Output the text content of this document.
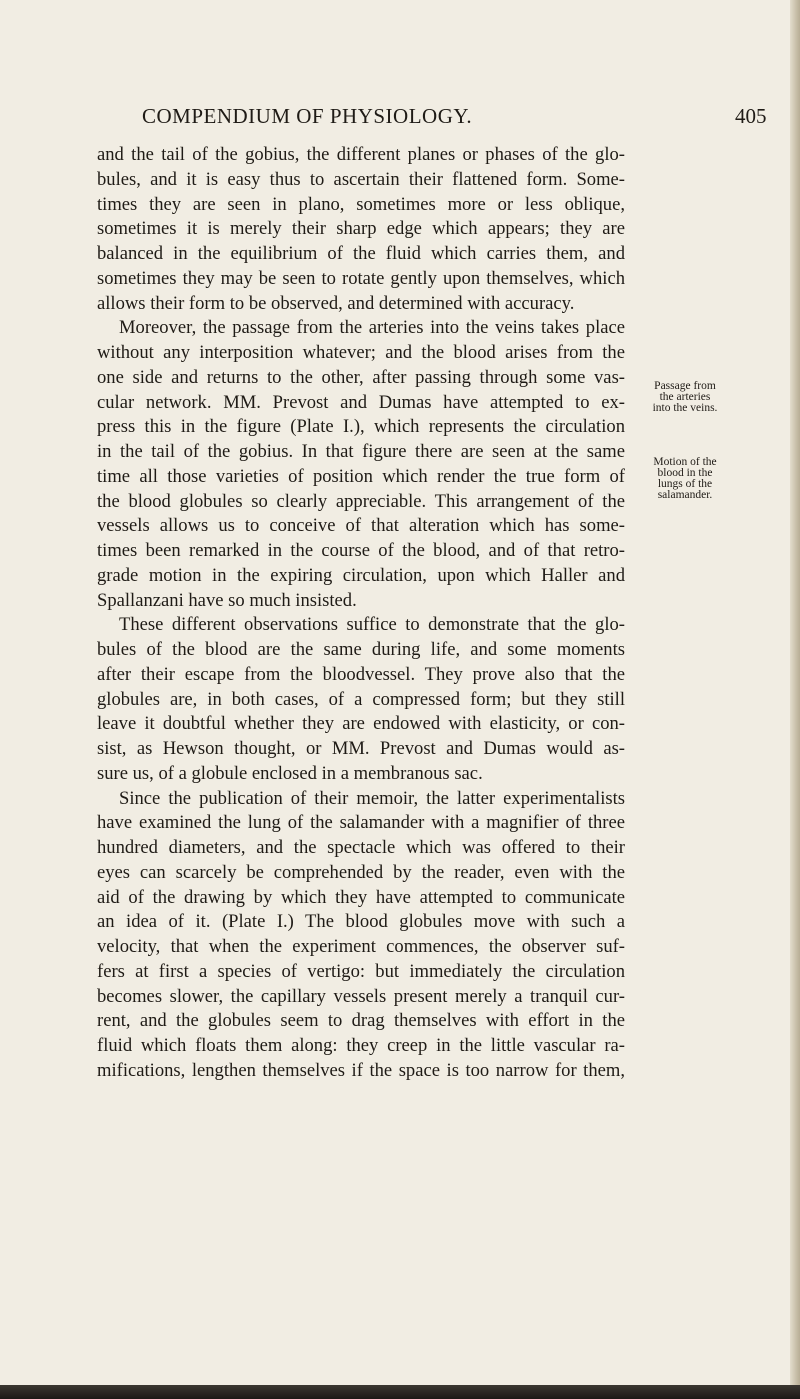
COMPENDIUM OF PHYSIOLOGY.	405
and the tail of the gobius, the different planes or phases of the glo-
bules, and it is easy thus to ascertain their flattened form. Some-
times they are seen in plano, sometimes more or less oblique,
sometimes it is merely their sharp edge which appears; they are
balanced in the equilibrium of the fluid which carries them, and
sometimes they may be seen to rotate gently upon themselves, which
allows their form to be observed, and determined with accuracy.
Moreover, the passage from the arteries into the veins takes place
without any interposition whatever; and the blood arises from the
one side and returns to the other, after passing through some vas-
cular network. MM. Prevost and Dumas have attempted to ex-
press this in the figure (Plate I.), which represents the circulation
in the tail of the gobius. In that figure there are seen at the same
time all those varieties of position which render the true form of
the blood globules so clearly appreciable. This arrangement of the
vessels allows us to conceive of that alteration which has some-
times been remarked in the course of the blood, and of that retro-
grade motion in the expiring circulation, upon which Haller and
Spallanzani have so much insisted.
These different observations suffice to demonstrate that the glo-
bules of the blood are the same during life, and some moments
after their escape from the bloodvessel. They prove also that the
globules are, in both cases, of a compressed form; but they still
leave it doubtful whether they are endowed with elasticity, or con-
sist, as Hewson thought, or MM. Prevost and Dumas would as-
sure us, of a globule enclosed in a membranous sac.
Since the publication of their memoir, the latter experimentalists
have examined the lung of the salamander with a magnifier of three
hundred diameters, and the spectacle which was offered to their
eyes can scarcely be comprehended by the reader, even with the
aid of the drawing by which they have attempted to communicate
an idea of it. (Plate I.) The blood globules move with such a
velocity, that when the experiment commences, the observer suf-
fers at first a species of vertigo: but immediately the circulation
becomes slower, the capillary vessels present merely a tranquil cur-
rent, and the globules seem to drag themselves with effort in the
fluid which floats them along: they creep in the little vascular ra-
mifications, lengthen themselves if the space is too narrow for them,
Passage from
the arteries
into the veins.
Motion of the
blood in the
lungs of the
salamander.
